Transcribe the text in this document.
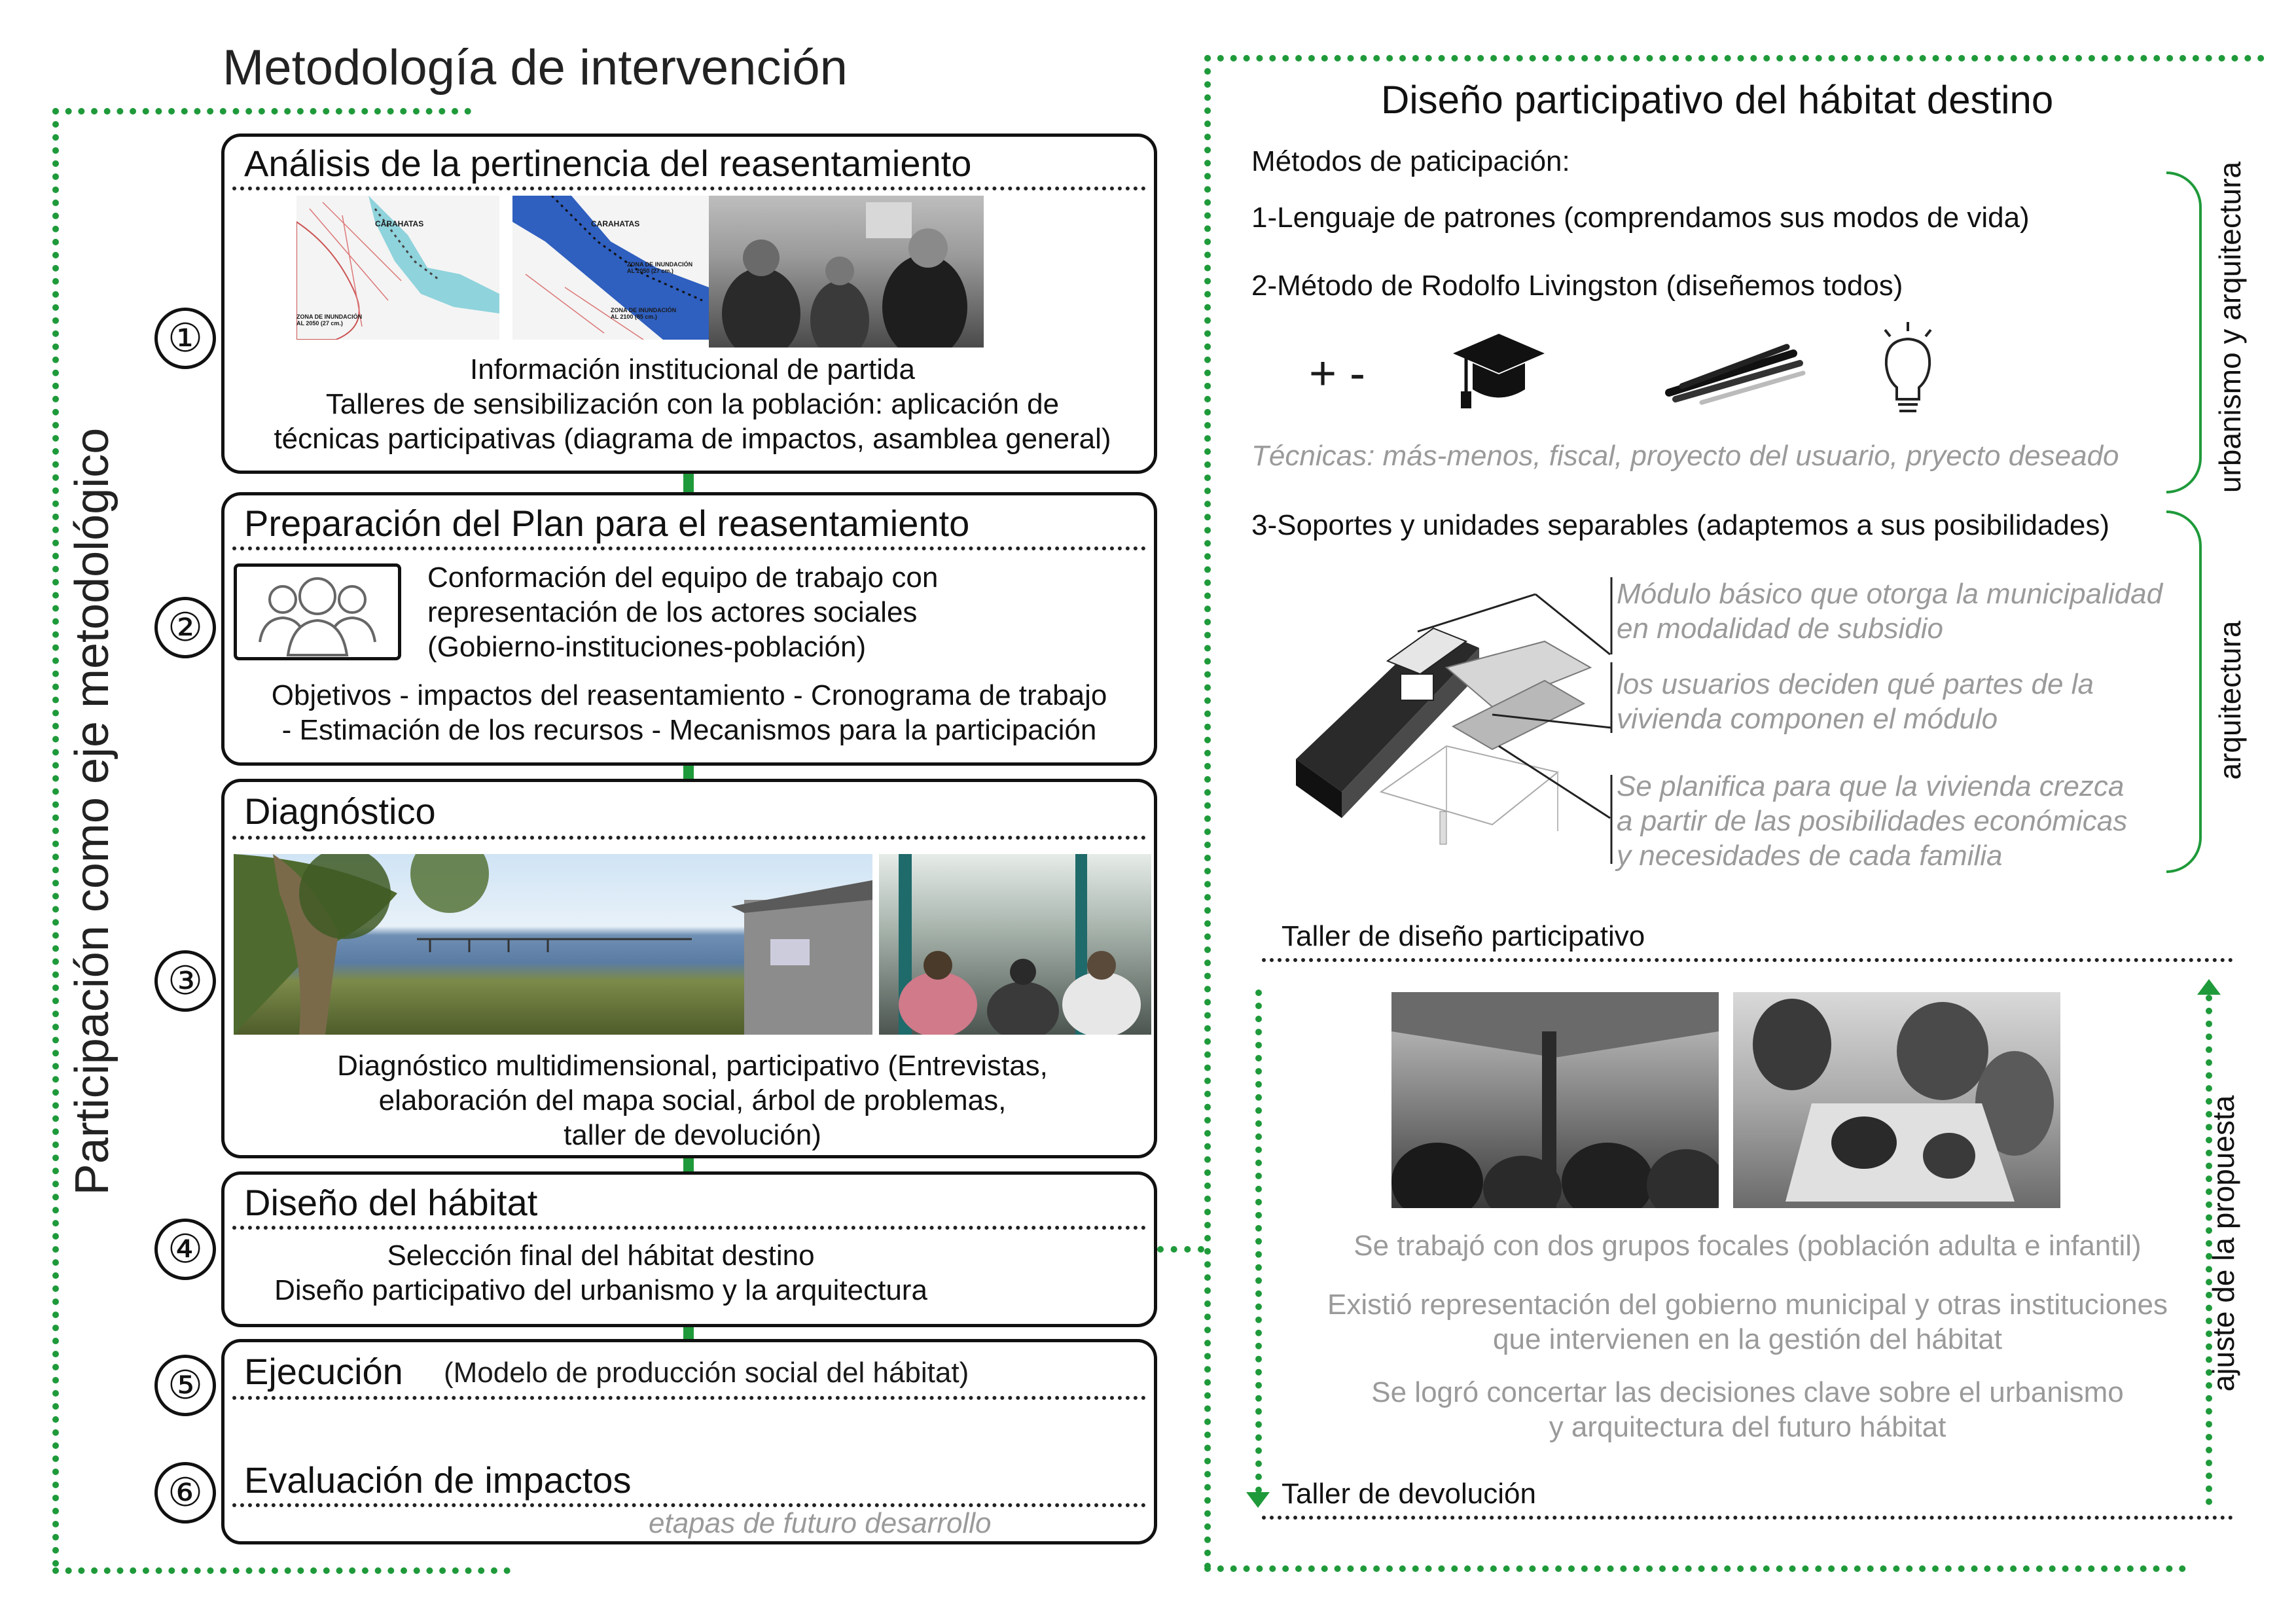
Metodología de intervención
Participación como eje metodológico
①
Análisis de la pertinencia del reasentamiento
CARAHATAS
ZONA DE INUNDACIÓN AL 2050 (27 cm.)
CARAHATAS
ZONA DE INUNDACIÓN AL 2050 (27 cm.)
ZONA DE INUNDACIÓN AL 2100 (85 cm.)
Información institucional de partida
Talleres de sensibilización con la población: aplicación de
técnicas participativas (diagrama de impactos, asamblea general)
②
Preparación del Plan para el reasentamiento
Conformación del equipo de trabajo con
representación de los actores sociales
(Gobierno-instituciones-población)
Objetivos - impactos del reasentamiento - Cronograma de trabajo
- Estimación de los recursos - Mecanismos para la participación
③
Diagnóstico
Diagnóstico multidimensional, participativo (Entrevistas,
elaboración del mapa social, árbol de problemas,
taller de devolución)
④
Diseño del hábitat
Selección final del hábitat destino
Diseño participativo del urbanismo y la arquitectura
⑤
⑥
Ejecución (Modelo de producción social del hábitat)
Evaluación de impactos
etapas de futuro desarrollo
Diseño participativo del hábitat destino
Métodos de paticipación:
1-Lenguaje de patrones (comprendamos sus modos de vida)
2-Método de Rodolfo Livingston (diseñemos todos)
+ -
Técnicas: más-menos, fiscal, proyecto del usuario, pryecto deseado	urbanismo y arquitectura
3-Soportes y unidades separables (adaptemos a sus posibilidades)
arquitectura
Módulo básico que otorga la municipalidad
en modalidad de subsidio
los usuarios deciden qué partes de la
vivienda componen el módulo
Se planifica para que la vivienda crezca
a partir de las posibilidades económicas
y necesidades de cada familia
Taller de diseño participativo
Se trabajó con dos grupos focales (población adulta e infantil)
Existió representación del gobierno municipal y otras instituciones
que intervienen en la gestión del hábitat
Se logró concertar las decisiones clave sobre el urbanismo
y arquitectura del futuro hábitat
ajuste de la propuesta
Taller de devolución
